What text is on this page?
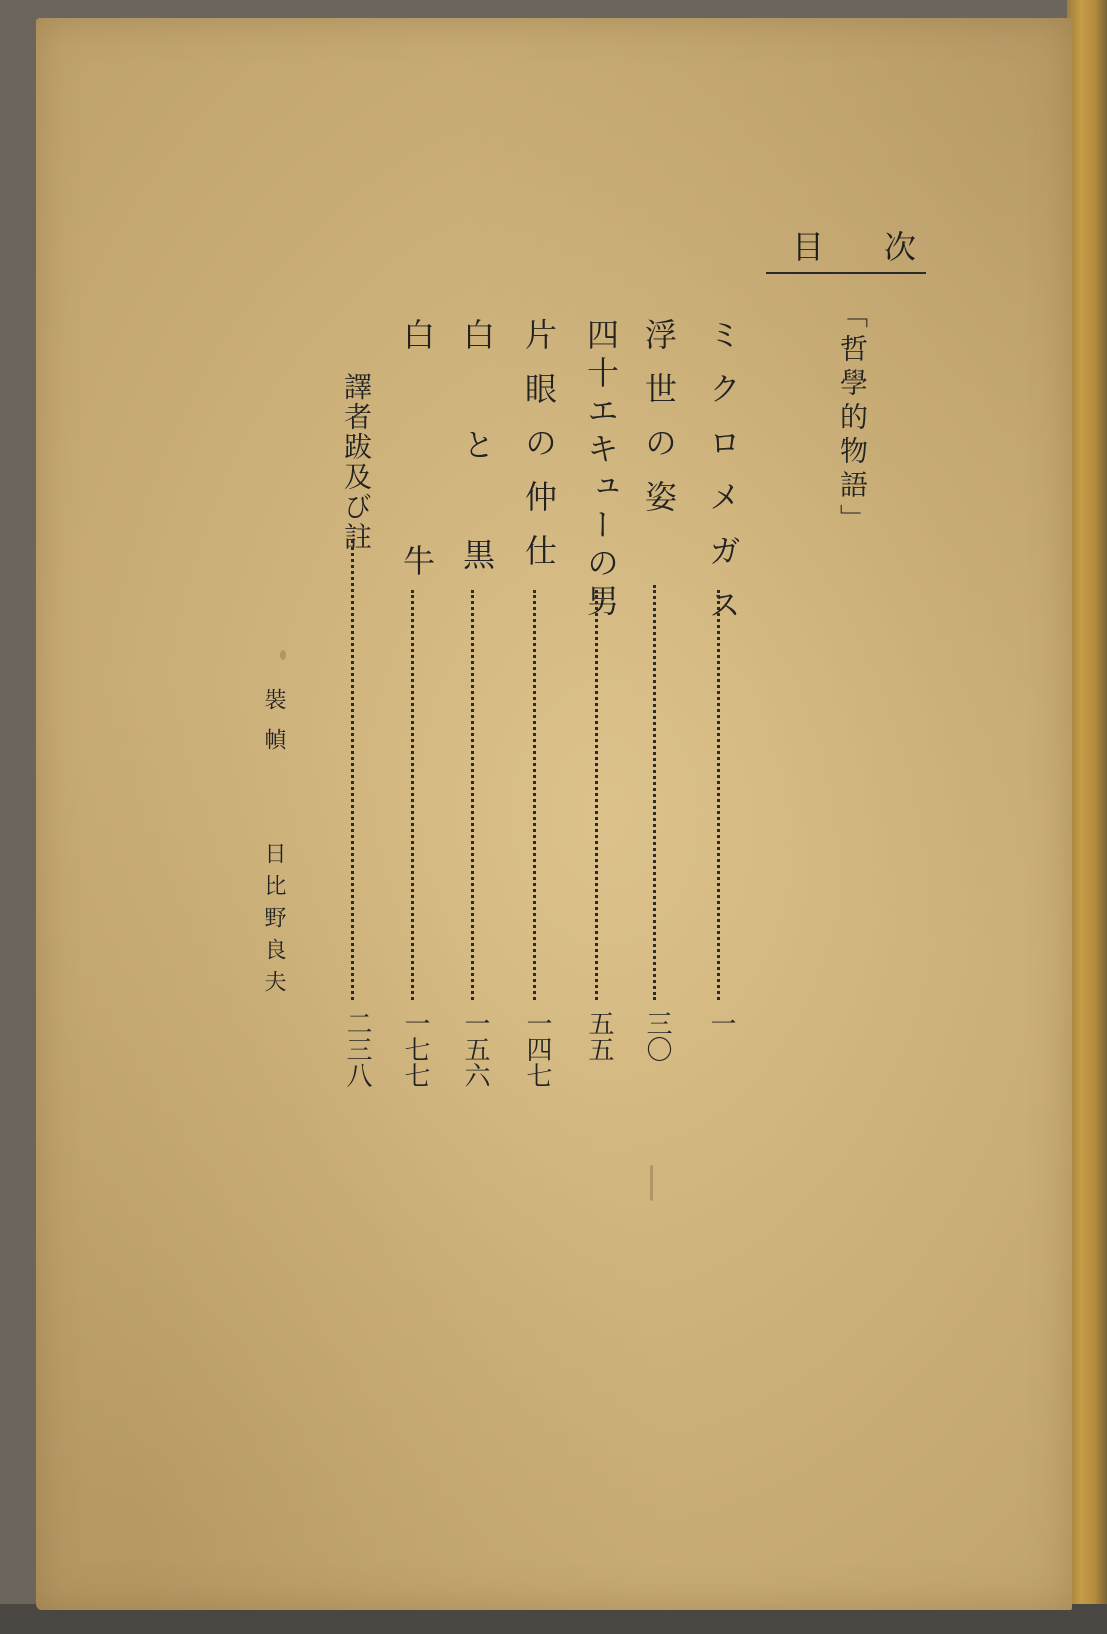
次
目
「哲學的物語」
ミクロメガス
一
浮世の姿
三〇
四十エキューの男
五五
片眼の仲仕
一四七
白と黒
一五六
白牛
一七七
譯者跋及び註
二三八
裝幀
日比野良夫
